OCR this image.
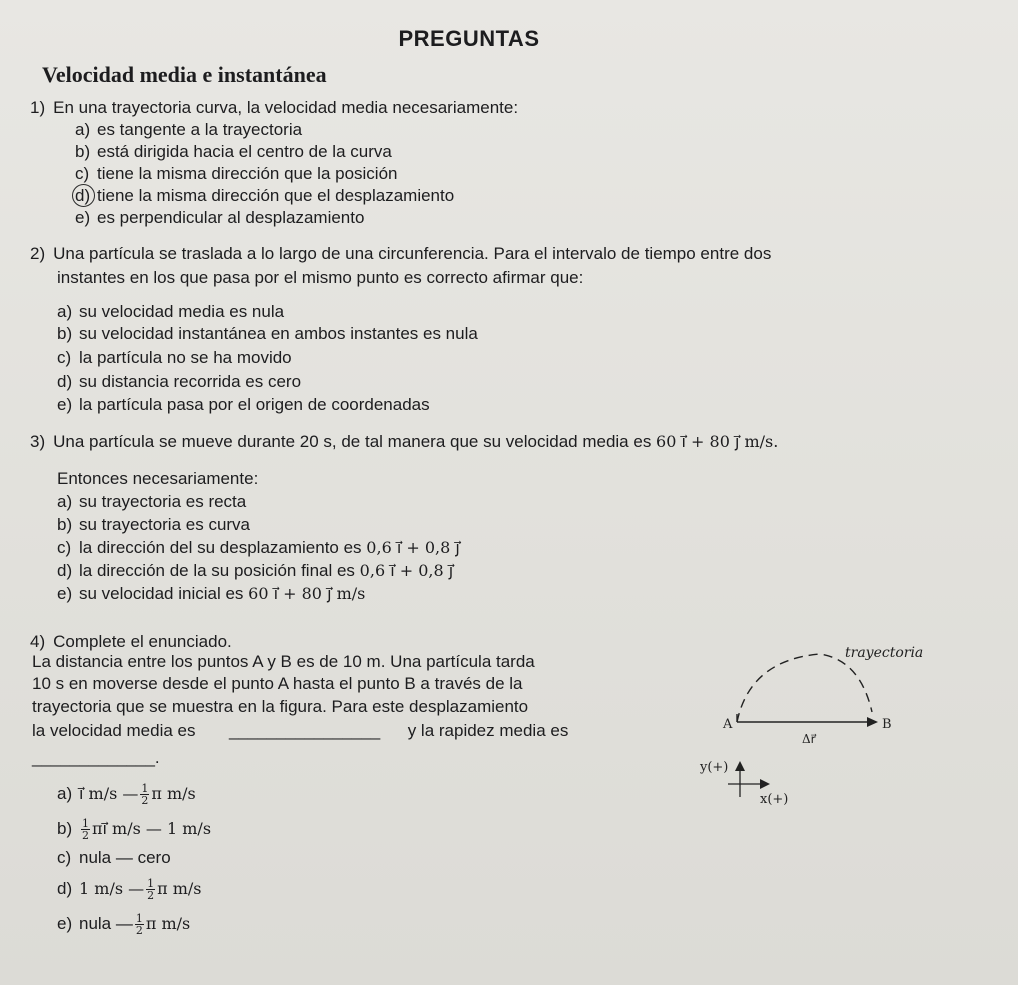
PREGUNTAS
Velocidad media e instantánea
1) En una trayectoria curva, la velocidad media necesariamente:
a) es tangente a la trayectoria
b) está dirigida hacia el centro de la curva
c) tiene la misma dirección que la posición
d) tiene la misma dirección que el desplazamiento
e) es perpendicular al desplazamiento
2) Una partícula se traslada a lo largo de una circunferencia. Para el intervalo de tiempo entre dos
instantes en los que pasa por el mismo punto es correcto afirmar que:
a) su velocidad media es nula
b) su velocidad instantánea en ambos instantes es nula
c) la partícula no se ha movido
d) su distancia recorrida es cero
e) la partícula pasa por el origen de coordenadas
3) Una partícula se mueve durante 20 s, de tal manera que su velocidad media es 60 i⃗ + 80 j⃗ m/s.
Entonces necesariamente:
a) su trayectoria es recta
b) su trayectoria es curva
c) la dirección del su desplazamiento es 0,6 i⃗ + 0,8 j⃗
d) la dirección de la su posición final es 0,6 i⃗ + 0,8 j⃗
e) su velocidad inicial es 60 i⃗ + 80 j⃗ m/s
4) Complete el enunciado.
La distancia entre los puntos A y B es de 10 m. Una partícula tarda
10 s en moverse desde el punto A hasta el punto B a través de la
trayectoria que se muestra en la figura. Para este desplazamiento
la velocidad media es ________________ y la rapidez media es
_____________.
a) i⃗ m/s — $\frac{1}{2}$ π m/s
$b) \frac{1}{2}$ πi⃗ m/s — 1 m/s
c) nula — cero
d) 1 m/s — $\frac{1}{2}$ π m/s
e) nula — $\frac{1}{2}$ π m/s
trayectoria
A	B
Δr⃗
y(+)
x(+)
